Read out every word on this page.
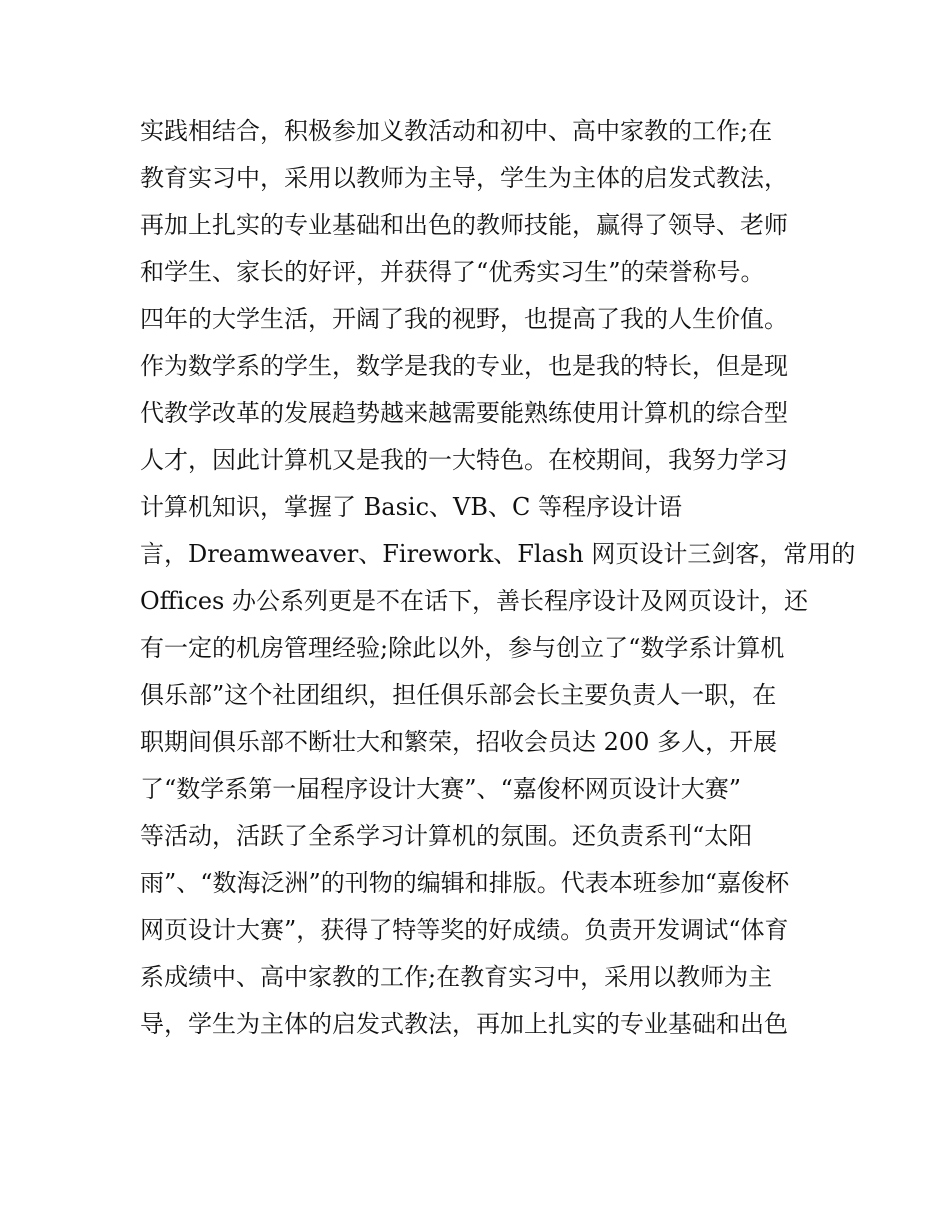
实践相结合，积极参加义教活动和初中、高中家教的工作;在
教育实习中，采用以教师为主导，学生为主体的启发式教法，
再加上扎实的专业基础和出色的教师技能，赢得了领导、老师
和学生、家长的好评，并获得了“优秀实习生”的荣誉称号。
四年的大学生活，开阔了我的视野，也提高了我的人生价值。
作为数学系的学生，数学是我的专业，也是我的特长，但是现
代教学改革的发展趋势越来越需要能熟练使用计算机的综合型
人才，因此计算机又是我的一大特色。在校期间，我努力学习
计算机知识，掌握了 Basic、VB、C 等程序设计语
言，Dreamweaver、Firework、Flash 网页设计三剑客，常用的
Offices 办公系列更是不在话下，善长程序设计及网页设计，还
有一定的机房管理经验;除此以外，参与创立了“数学系计算机
俱乐部”这个社团组织，担任俱乐部会长主要负责人一职，在
职期间俱乐部不断壮大和繁荣，招收会员达 200 多人，开展
了“数学系第一届程序设计大赛”、“嘉俊杯网页设计大赛”
等活动，活跃了全系学习计算机的氛围。还负责系刊“太阳
雨”、“数海泛洲”的刊物的编辑和排版。代表本班参加“嘉俊杯
网页设计大赛”，获得了特等奖的好成绩。负责开发调试“体育
系成绩中、高中家教的工作;在教育实习中，采用以教师为主
导，学生为主体的启发式教法，再加上扎实的专业基础和出色
